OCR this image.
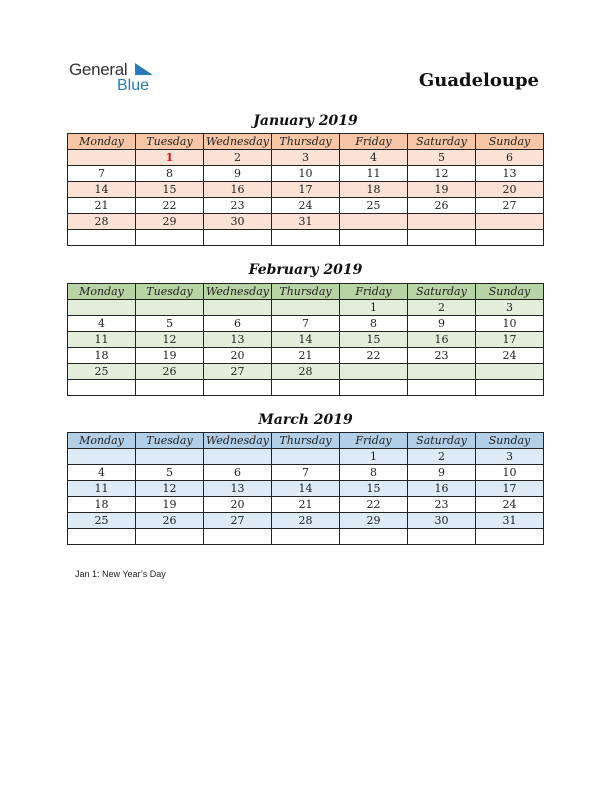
General
Blue	Guadeloupe
January 2019
Monday	Tuesday	Wednesday	Thursday	Friday	Saturday	Sunday
	1	2	3	4	5	6
7	8	9	10	11	12	13
14	15	16	17	18	19	20
21	22	23	24	25	26	27
28	29	30	31			

February 2019
Monday	Tuesday	Wednesday	Thursday	Friday	Saturday	Sunday
				1	2	3
4	5	6	7	8	9	10
11	12	13	14	15	16	17
18	19	20	21	22	23	24
25	26	27	28			

March 2019
Monday	Tuesday	Wednesday	Thursday	Friday	Saturday	Sunday
				1	2	3
4	5	6	7	8	9	10
11	12	13	14	15	16	17
18	19	20	21	22	23	24
25	26	27	28	29	30	31

Jan 1: New Year’s Day
